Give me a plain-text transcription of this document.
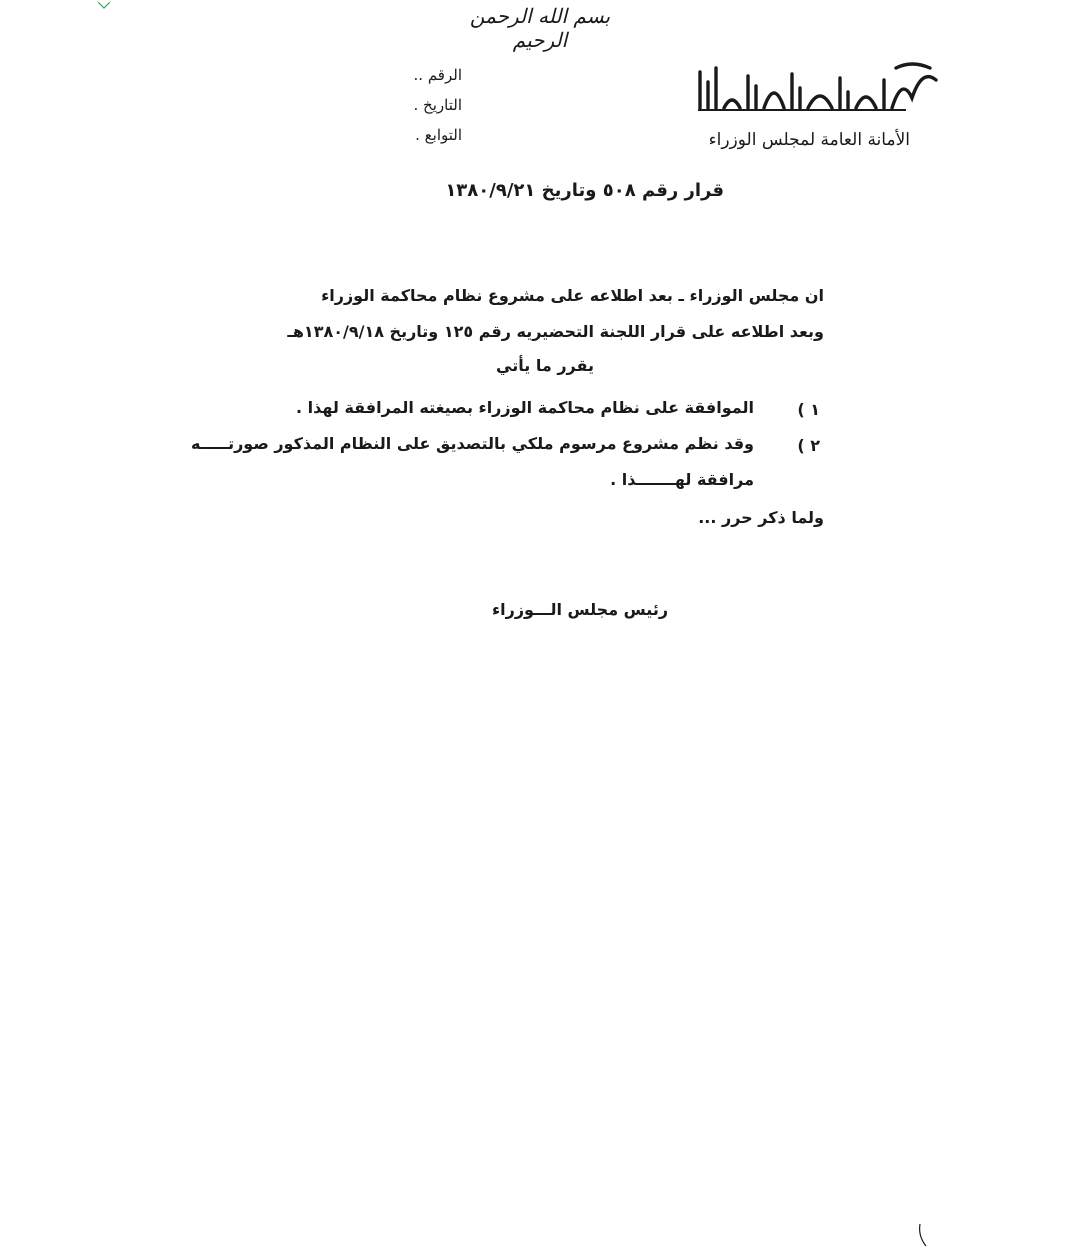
بسم الله الرحمن الرحيم
الأمانة العامة لمجلس الوزراء
الرقم ..
التاريخ .
التوابع .
قرار رقم ٥٠٨ وتاريخ ١٣٨٠/٩/٢١
ان مجلس الوزراء ـ بعد اطلاعه على مشروع نظام محاكمة الوزراء
وبعد اطلاعه على قرار اللجنة التحضيريه رقم ١٢٥ وتاريخ ١٣٨٠/٩/١٨هـ
يقرر ما يأتي
١ )
الموافقة على نظام محاكمة الوزراء بصيغته المرافقة لهذا .
٢ )
وقد نظم مشروع مرسوم ملكي بالتصديق على النظام المذكور صورتـــــه
مرافقة لهـــــــذا .
ولما ذكر حرر ...
رئيس مجلس الـــوزراء
